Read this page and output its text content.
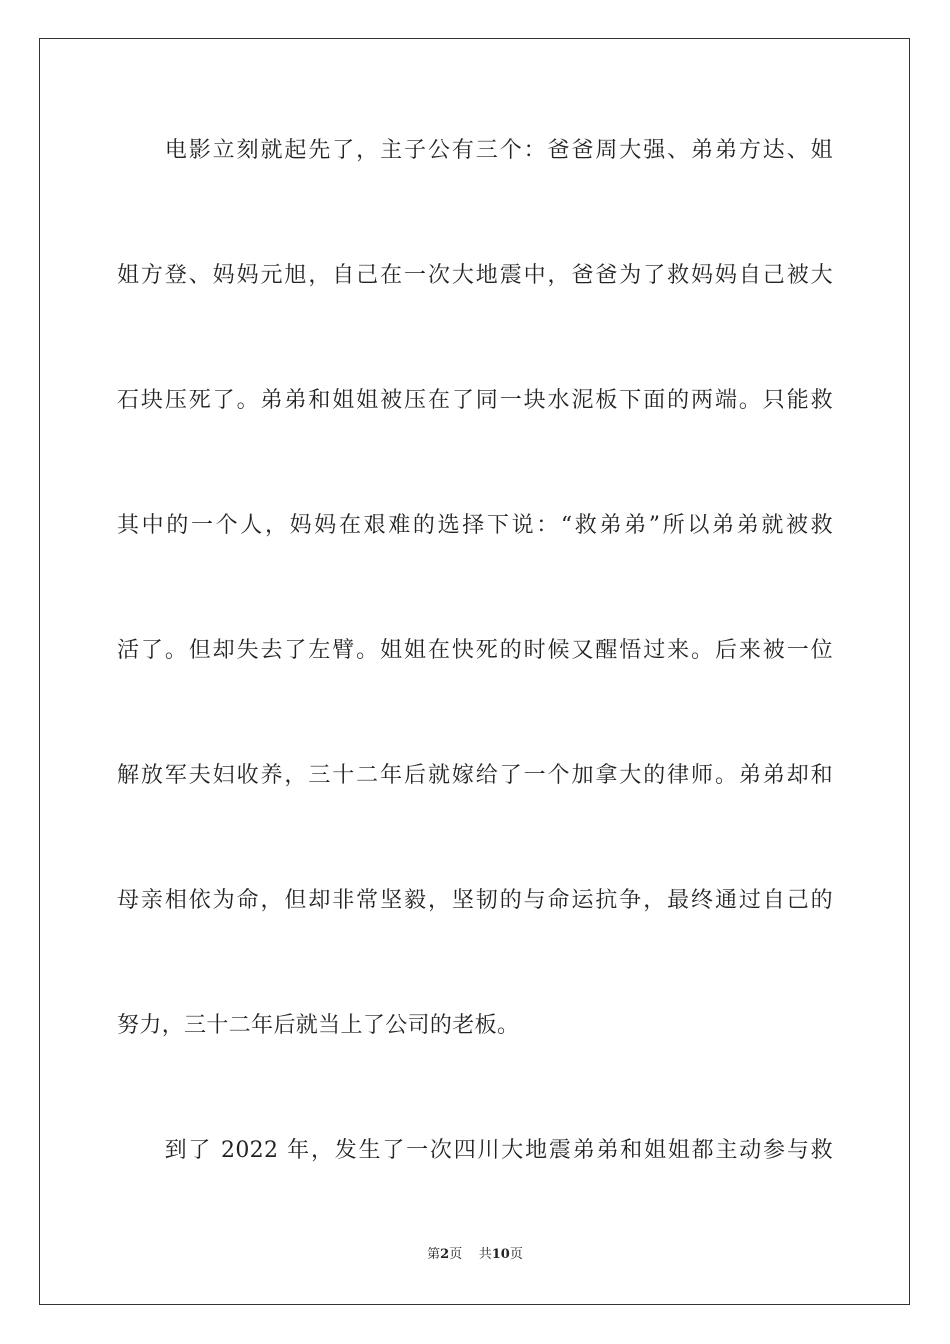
　　电影立刻就起先了，主子公有三个：爸爸周大强、弟弟方达、姐
姐方登、妈妈元旭，自己在一次大地震中，爸爸为了救妈妈自己被大
石块压死了。弟弟和姐姐被压在了同一块水泥板下面的两端。只能救
其中的一个人，妈妈在艰难的选择下说：“救弟弟”所以弟弟就被救
活了。但却失去了左臂。姐姐在快死的时候又醒悟过来。后来被一位
解放军夫妇收养，三十二年后就嫁给了一个加拿大的律师。弟弟却和
母亲相依为命，但却非常坚毅，坚韧的与命运抗争，最终通过自己的
努力，三十二年后就当上了公司的老板。
　　到了 2022 年，发生了一次四川大地震弟弟和姐姐都主动参与救
第2页 共10页
